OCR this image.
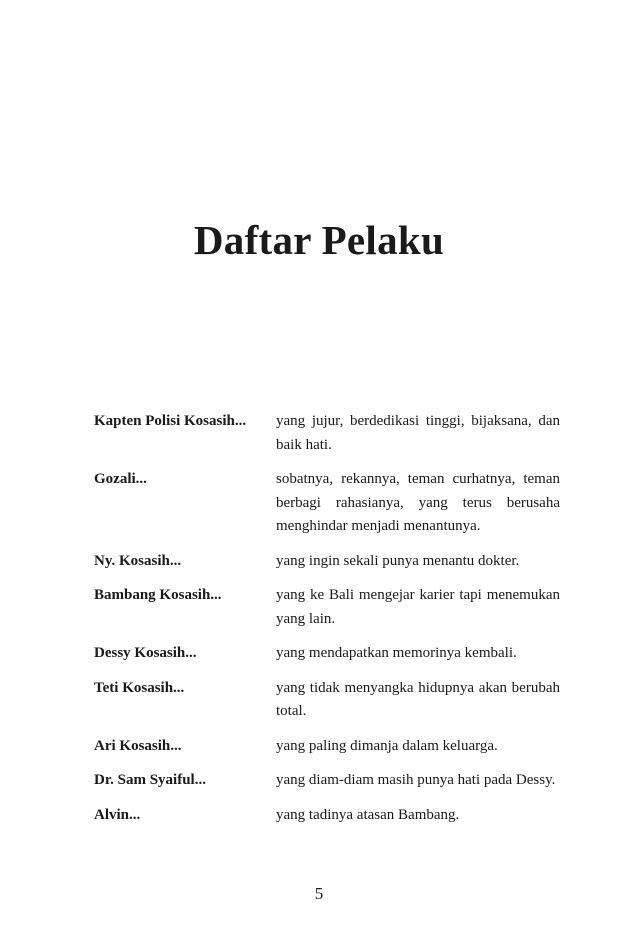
Daftar Pelaku
Kapten Polisi Kosasih...	yang jujur, berdedikasi tinggi, bijaksana, dan baik hati.
Gozali...	sobatnya, rekannya, teman curhatnya, teman berbagi rahasianya, yang terus berusaha menghindar menjadi menantunya.
Ny. Kosasih...	yang ingin sekali punya menantu dokter.
Bambang Kosasih...	yang ke Bali mengejar karier tapi menemukan yang lain.
Dessy Kosasih...	yang mendapatkan memorinya kembali.
Teti Kosasih...	yang tidak menyangka hidupnya akan berubah total.
Ari Kosasih...	yang paling dimanja dalam keluarga.
Dr. Sam Syaiful...	yang diam-diam masih punya hati pada Dessy.
Alvin...	yang tadinya atasan Bambang.
5
